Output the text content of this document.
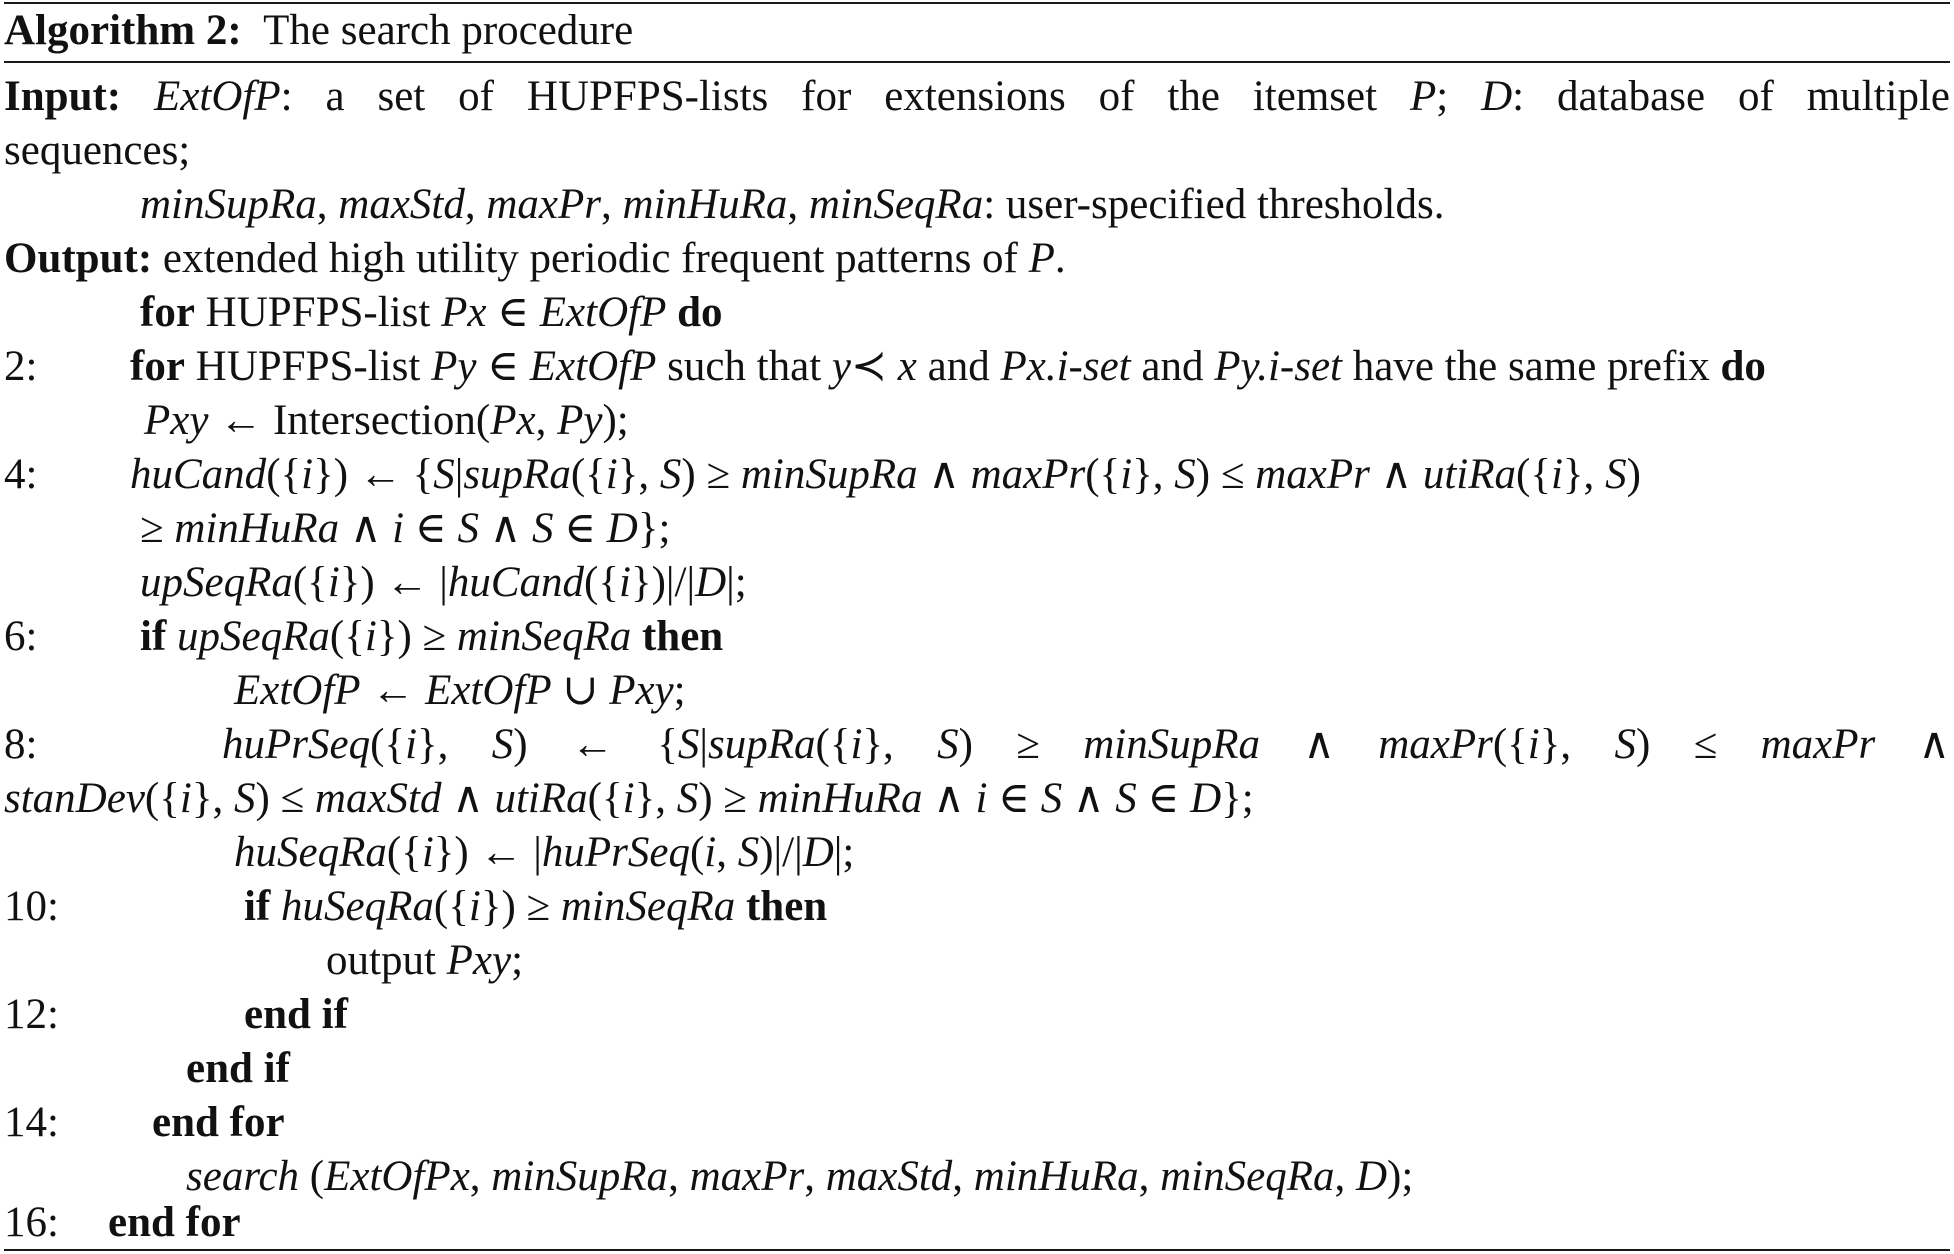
Algorithm 2: The search procedure
Input: ExtOfP: a set of HUPFPS-lists for extensions of the itemset P; D: database of multiple
sequences;
minSupRa, maxStd, maxPr, minHuRa, minSeqRa: user-specified thresholds.
Output: extended high utility periodic frequent patterns of P.
for HUPFPS-list Px ∈ ExtOfP do
2: for HUPFPS-list Py ∈ ExtOfP such that y≺ x and Px.i-set and Py.i-set have the same prefix do
Pxy ← Intersection(Px, Py);
4: huCand({i}) ← {S|supRa({i}, S) ≥ minSupRa ∧ maxPr({i}, S) ≤ maxPr ∧ utiRa({i}, S)
≥ minHuRa ∧ i ∈ S ∧ S ∈ D};
upSeqRa({i}) ← |huCand({i})|/|D|;
6: if upSeqRa({i}) ≥ minSeqRa then
ExtOfP ← ExtOfP ∪ Pxy;
8:	huPrSeq({i}, S) ← {S|supRa({i}, S) ≥ minSupRa ∧ maxPr({i}, S) ≤ maxPr ∧
stanDev({i}, S) ≤ maxStd ∧ utiRa({i}, S) ≥ minHuRa ∧ i ∈ S ∧ S ∈ D};
huSeqRa({i}) ← |huPrSeq(i, S)|/|D|;
10:	if huSeqRa({i}) ≥ minSeqRa then
output Pxy;
12:	end if
end if
14: end for
search (ExtOfPx, minSupRa, maxPr, maxStd, minHuRa, minSeqRa, D);
16: end for
